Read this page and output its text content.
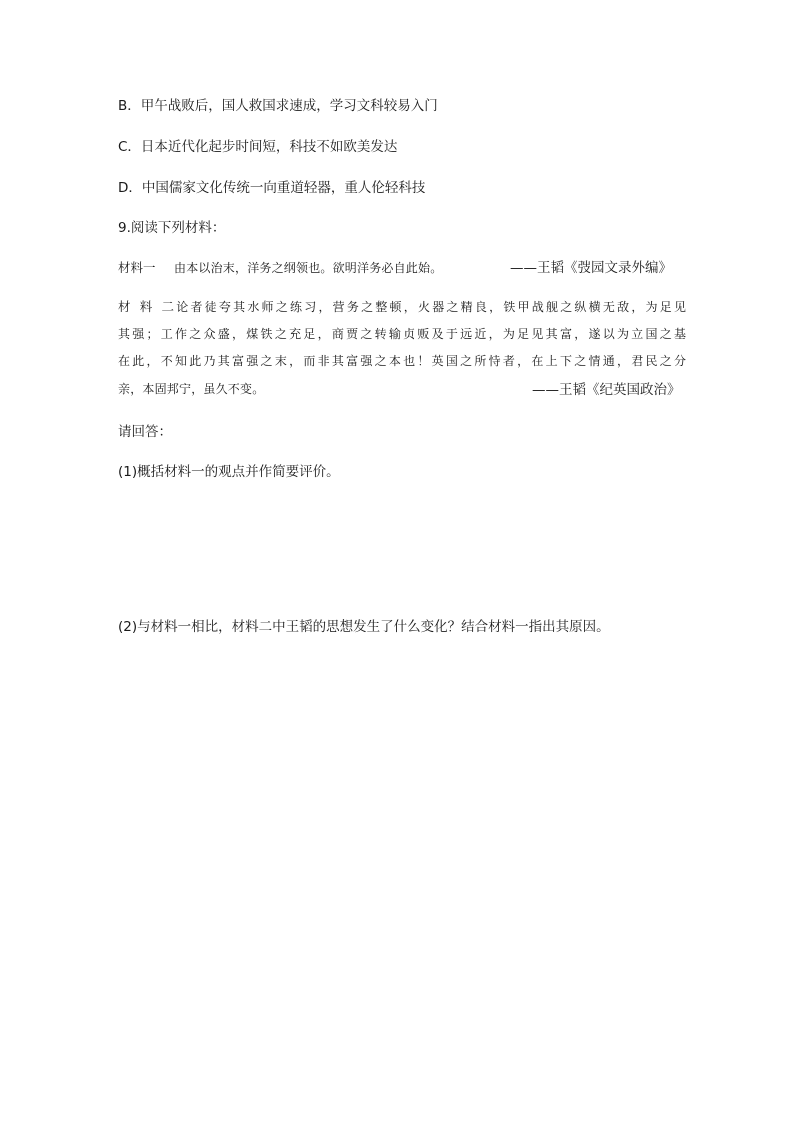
B．甲午战败后，国人救国求速成，学习文科较易入门
C．日本近代化起步时间短，科技不如欧美发达
D．中国儒家文化传统一向重道轻器，重人伦轻科技
9.阅读下列材料：
材料一 由本以治末，洋务之纲领也。欲明洋务必自此始。	——王韬《弢园文录外编》
材料二论者徒夸其水师之练习，营务之整顿，火器之精良，铁甲战舰之纵横无敌，为足见
其强；工作之众盛，煤铁之充足，商贾之转输贞贩及于远近，为足见其富，遂以为立国之基
在此，不知此乃其富强之末，而非其富强之本也！英国之所恃者，在上下之情通，君民之分
亲，本固邦宁，虽久不变。	——王韬《纪英国政治》
请回答：
(1)概括材料一的观点并作简要评价。
(2)与材料一相比，材料二中王韬的思想发生了什么变化？结合材料一指出其原因。
